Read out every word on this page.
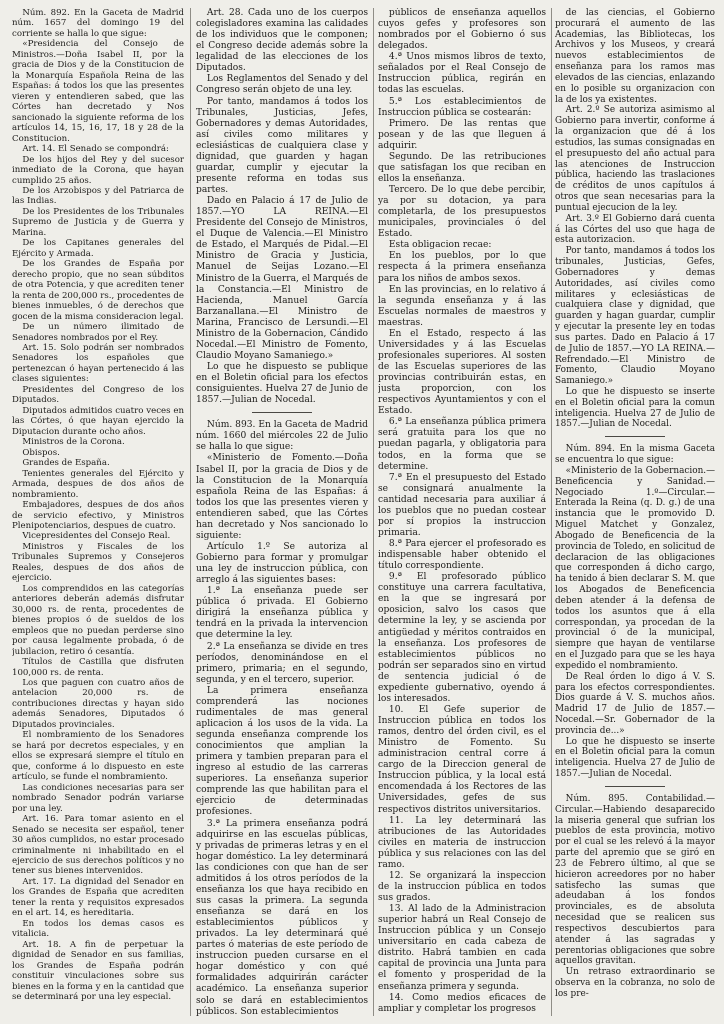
Núm. 892. En la Gaceta de Madrid núm. 1657 del domingo 19 del corriente se halla lo que sigue:

«Presidencia del Consejo de Ministros.—Doña Isabel II, por la gracia de Dios y de la Constitucion de la Monarquía Española Reina de las Españas: á todos los que las presentes vieren y entendieren sabed, que las Córtes han decretado y Nos sancionado la siguiente reforma de los artículos 14, 15, 16, 17, 18 y 28 de la Constitucion.

Art. 14. El Senado se compondrá:

De los hijos del Rey y del sucesor inmediato de la Corona, que hayan cumplido 25 años.

De los Arzobispos y del Patriarca de las Indias.

De los Presidentes de los Tribunales Supremo de Justicia y de Guerra y Marina.

De los Capitanes generales del Ejército y Armada.

De los Grandes de España por derecho propio, que no sean súbditos de otra Potencia, y que acrediten tener la renta de 200,000 rs., procedentes de bienes inmuebles, ó de derechos que gocen de la misma consideracion legal.

De un número ilimitado de Senadores nombrados por el Rey.

Art. 15. Solo podrán ser nombrados Senadores los españoles que pertenezcan ó hayan pertenecido á las clases siguientes:

Presidentes del Congreso de los Diputados.

Diputados admitidos cuatro veces en las Córtes, ó que hayan ejercido la Diputacion durante ocho años.

Ministros de la Corona.

Obispos.

Grandes de España.

Tenientes generales del Ejército y Armada, despues de dos años de nombramiento.

Embajadores, despues de dos años de servicio efectivo, y Ministros Plenipotenciarios, despues de cuatro.

Vicepresidentes del Consejo Real.

Ministros y Fiscales de los Tribunales Supremos y Consejeros Reales, despues de dos años de ejercicio.

Los comprendidos en las categorías anteriores deberán además disfrutar 30,000 rs. de renta, procedentes de bienes propios ó de sueldos de los empleos que no puedan perderse sino por causa legalmente probada, ó de jubilacion, retiro ó cesantía.

Títulos de Castilla que disfruten 100,000 rs. de renta.

Los que paguen con cuatro años de antelacion 20,000 rs. de contribuciones directas y hayan sido además Senadores, Diputados ó Diputados provinciales.

El nombramiento de los Senadores se hará por decretos especiales, y en ellos se expresará siempre el título en que, conforme á lo dispuesto en este artículo, se funde el nombramiento.

Las condiciones necesarias para ser nombrado Senador podrán variarse por una ley.

Art. 16. Para tomar asiento en el Senado se necesita ser español, tener 30 años cumplidos, no estar procesado criminalmente ni inhabilitado en el ejercicio de sus derechos políticos y no tener sus bienes intervenidos.

Art. 17. La dignidad del Senador en los Grandes de España que acrediten tener la renta y requisitos expresados en el art. 14, es hereditaria.

En todos los demas casos es vitalicia.

Art. 18. A fin de perpetuar la dignidad de Senador en sus familias, los Grandes de España podrán constituir vinculaciones sobre sus bienes en la forma y en la cantidad que se determinará por una ley especial.

Art. 28. Cada uno de los cuerpos colegisladores examina las calidades de los individuos que le componen; el Congreso decide además sobre la legalidad de las elecciones de los Diputados.

Los Reglamentos del Senado y del Congreso serán objeto de una ley.

Por tanto, mandamos á todos los Tribunales, Justicias, Jefes, Gobernadores y demas Autoridades, así civiles como militares y eclesiásticas de cualquiera clase y dignidad, que guarden y hagan guardar, cumplir y ejecutar la presente reforma en todas sus partes.

Dado en Palacio á 17 de Julio de 1857.—YO LA REINA.—El Presidente del Consejo de Ministros, el Duque de Valencia.—El Ministro de Estado, el Marqués de Pidal.—El Ministro de Gracia y Justicia, Manuel de Seijas Lozano.—El Ministro de la Guerra, el Marqués de la Constancia.—El Ministro de Hacienda, Manuel García Barzanallana.—El Ministro de Marina, Francisco de Lersundi.—El Ministro de la Gobernacion, Cándido Nocedal.—El Ministro de Fomento, Claudio Moyano Samaniego.»

Lo que he dispuesto se publique en el Boletin oficial para los efectos consiguientes. Huelva 27 de Junio de 1857.—Julian de Nocedal.

Núm. 893. En la Gaceta de Madrid núm. 1660 del miércoles 22 de Julio se halla lo que sigue:

«Ministerio de Fomento.—Doña Isabel II, por la gracia de Dios y de la Constitucion de la Monarquía española Reina de las Españas: á todos los que las presentes vieren y entendieren sabed, que las Córtes han decretado y Nos sancionado lo siguiente:

Artículo 1.º Se autoriza al Gobierno para formar y promulgar una ley de instruccion pública, con arreglo á las siguientes bases:

1.ª La enseñanza puede ser pública ó privada. El Gobierno dirigirá la enseñanza pública y tendrá en la privada la intervencion que determine la ley.

2.ª La enseñanza se divide en tres períodos, denominándose en el primero, primaria; en el segundo, segunda, y en el tercero, superior.

La primera enseñanza comprenderá las nociones rudimentales de mas general aplicacion á los usos de la vida. La segunda enseñanza comprende los conocimientos que amplian la primera y tambien preparan para el ingreso al estudio de las carreras superiores. La enseñanza superior comprende las que habilitan para el ejercicio de determinadas profesiones.

3.ª La primera enseñanza podrá adquirirse en las escuelas públicas, y privadas de primeras letras y en el hogar doméstico. La ley determinará las condiciones con que han de ser admitidos á los otros períodos de la enseñanza los que haya recibido en sus casas la primera. La segunda enseñanza se dará en los establecimientos públicos y privados. La ley determinará qué partes ó materias de este período de instruccion pueden cursarse en el hogar doméstico y con qué formalidades adquirirán carácter académico. La enseñanza superior solo se dará en establecimientos públicos. Son establecimientos

públicos de enseñanza aquellos cuyos gefes y profesores son nombrados por el Gobierno ó sus delegados.

4.ª Unos mismos libros de texto, señalados por el Real Consejo de Instruccion pública, regirán en todas las escuelas.

5.ª Los establecimientos de Instruccion pública se costearán:

Primero. De las rentas que posean y de las que lleguen á adquirir.

Segundo. De las retribuciones que satisfagan los que reciban en ellos la enseñanza.

Tercero. De lo que debe percibir, ya por su dotacion, ya para completarla, de los presupuestos municipales, provinciales ó del Estado.

Esta obligacion recae:

En los pueblos, por lo que respecta á la primera enseñanza para los niños de ambos sexos.

En las provincias, en lo relativo á la segunda enseñanza y á las Escuelas normales de maestros y maestras.

En el Estado, respecto á las Universidades y á las Escuelas profesionales superiores. Al sosten de las Escuelas superiores de las provincias contribuirán estas, en justa proporcion, con los respectivos Ayuntamientos y con el Estado.

6.ª La enseñanza pública primera será gratuita para los que no puedan pagarla, y obligatoria para todos, en la forma que se determine.

7.ª En el presupuesto del Estado se consignará anualmente la cantidad necesaria para auxiliar á los pueblos que no puedan costear por sí propios la instruccion primaria.

8.ª Para ejercer el profesorado es indispensable haber obtenido el título correspondiente.

9.ª El profesorado público constituye una carrera facultativa, en la que se ingresará por oposicion, salvo los casos que determine la ley, y se ascienda por antigüedad y méritos contraidos en la enseñanza. Los profesores de establecimientos públicos no podrán ser separados sino en virtud de sentencia judicial ó de expediente gubernativo, oyendo á los interesados.

10. El Gefe superior de Instruccion pública en todos los ramos, dentro del órden civil, es el Ministro de Fomento. Su administracion central corre á cargo de la Direccion general de Instruccion pública, y la local está encomendada á los Rectores de las Universidades, gefes de sus respectivos distritos universitarios.

11. La ley determinará las atribuciones de las Autoridades civiles en materia de instruccion pública y sus relaciones con las del ramo.

12. Se organizará la inspeccion de la instruccion pública en todos sus grados.

13. Al lado de la Administracion superior habrá un Real Consejo de Instruccion pública y un Consejo universitario en cada cabeza de distrito. Habrá tambien en cada capital de provincia una Junta para el fomento y prosperidad de la enseñanza primera y segunda.

14. Como medios eficaces de ampliar y completar los progresos

de las ciencias, el Gobierno procurará el aumento de las Academias, las Bibliotecas, los Archivos y los Museos, y creará nuevos establecimientos de enseñanza para los ramos mas elevados de las ciencias, enlazando en lo posible su organizacion con la de los ya existentes.

Art. 2.º Se autoriza asimismo al Gobierno para invertir, conforme á la organizacion que dé á los estudios, las sumas consignadas en el presupuesto del año actual para las atenciones de Instruccion pública, haciendo las traslaciones de créditos de unos capítulos á otros que sean necesarias para la puntual ejecucion de la ley.

Art. 3.º El Gobierno dará cuenta á las Córtes del uso que haga de esta autorizacion.

Por tanto, mandamos á todos los tribunales, Justicias, Gefes, Gobernadores y demas Autoridades, así civiles como militares y eclesiásticas de cualquiera clase y dignidad, que guarden y hagan guardar, cumplir y ejecutar la presente ley en todas sus partes. Dado en Palacio á 17 de Julio de 1857.—YO LA REINA.—Refrendado.—El Ministro de Fomento, Claudio Moyano Samaniego.»

Lo que he dispuesto se inserte en el Boletin oficial para la comun inteligencia. Huelva 27 de Julio de 1857.—Julian de Nocedal.

Núm. 894. En la misma Gaceta se encuentra lo que sigue:

«Ministerio de la Gobernacion.—Beneficencia y Sanidad.—Negociado 1.º—Circular.—Enterada la Reina (q. D. g.) de una instancia que le promovido D. Miguel Matchet y Gonzalez, Abogado de Beneficencia de la provincia de Toledo, en solicitud de declaracion de las obligaciones que corresponden á dicho cargo, ha tenido á bien declarar S. M. que los Abogados de Beneficencia deben atender á la defensa de todos los asuntos que á ella correspondan, ya procedan de la provincial ó de la municipal, siempre que hayan de ventilarse en el Juzgado para que se les haya expedido el nombramiento.

De Real órden lo digo á V. S. para los efectos correspondientes. Dios guarde á V. S. muchos años. Madrid 17 de Julio de 1857.—Nocedal.—Sr. Gobernador de la provincia de...»

Lo que he dispuesto se inserte en el Boletin oficial para la comun inteligencia. Huelva 27 de Julio de 1857.—Julian de Nocedal.

Núm. 895. Contabilidad.—Circular.—Habiendo desaparecido la miseria general que sufrian los pueblos de esta provincia, motivo por el cual se les relevó á la mayor parte del apremio que se giró en 23 de Febrero último, al que se hicieron acreedores por no haber satisfecho las sumas que adeudaban á los fondos provinciales, es de absoluta necesidad que se realicen sus respectivos descubiertos para atender á las sagradas y perentorias obligaciones que sobre aquellos gravitan.

Un retraso extraordinario se observa en la cobranza, no solo de los pre-
